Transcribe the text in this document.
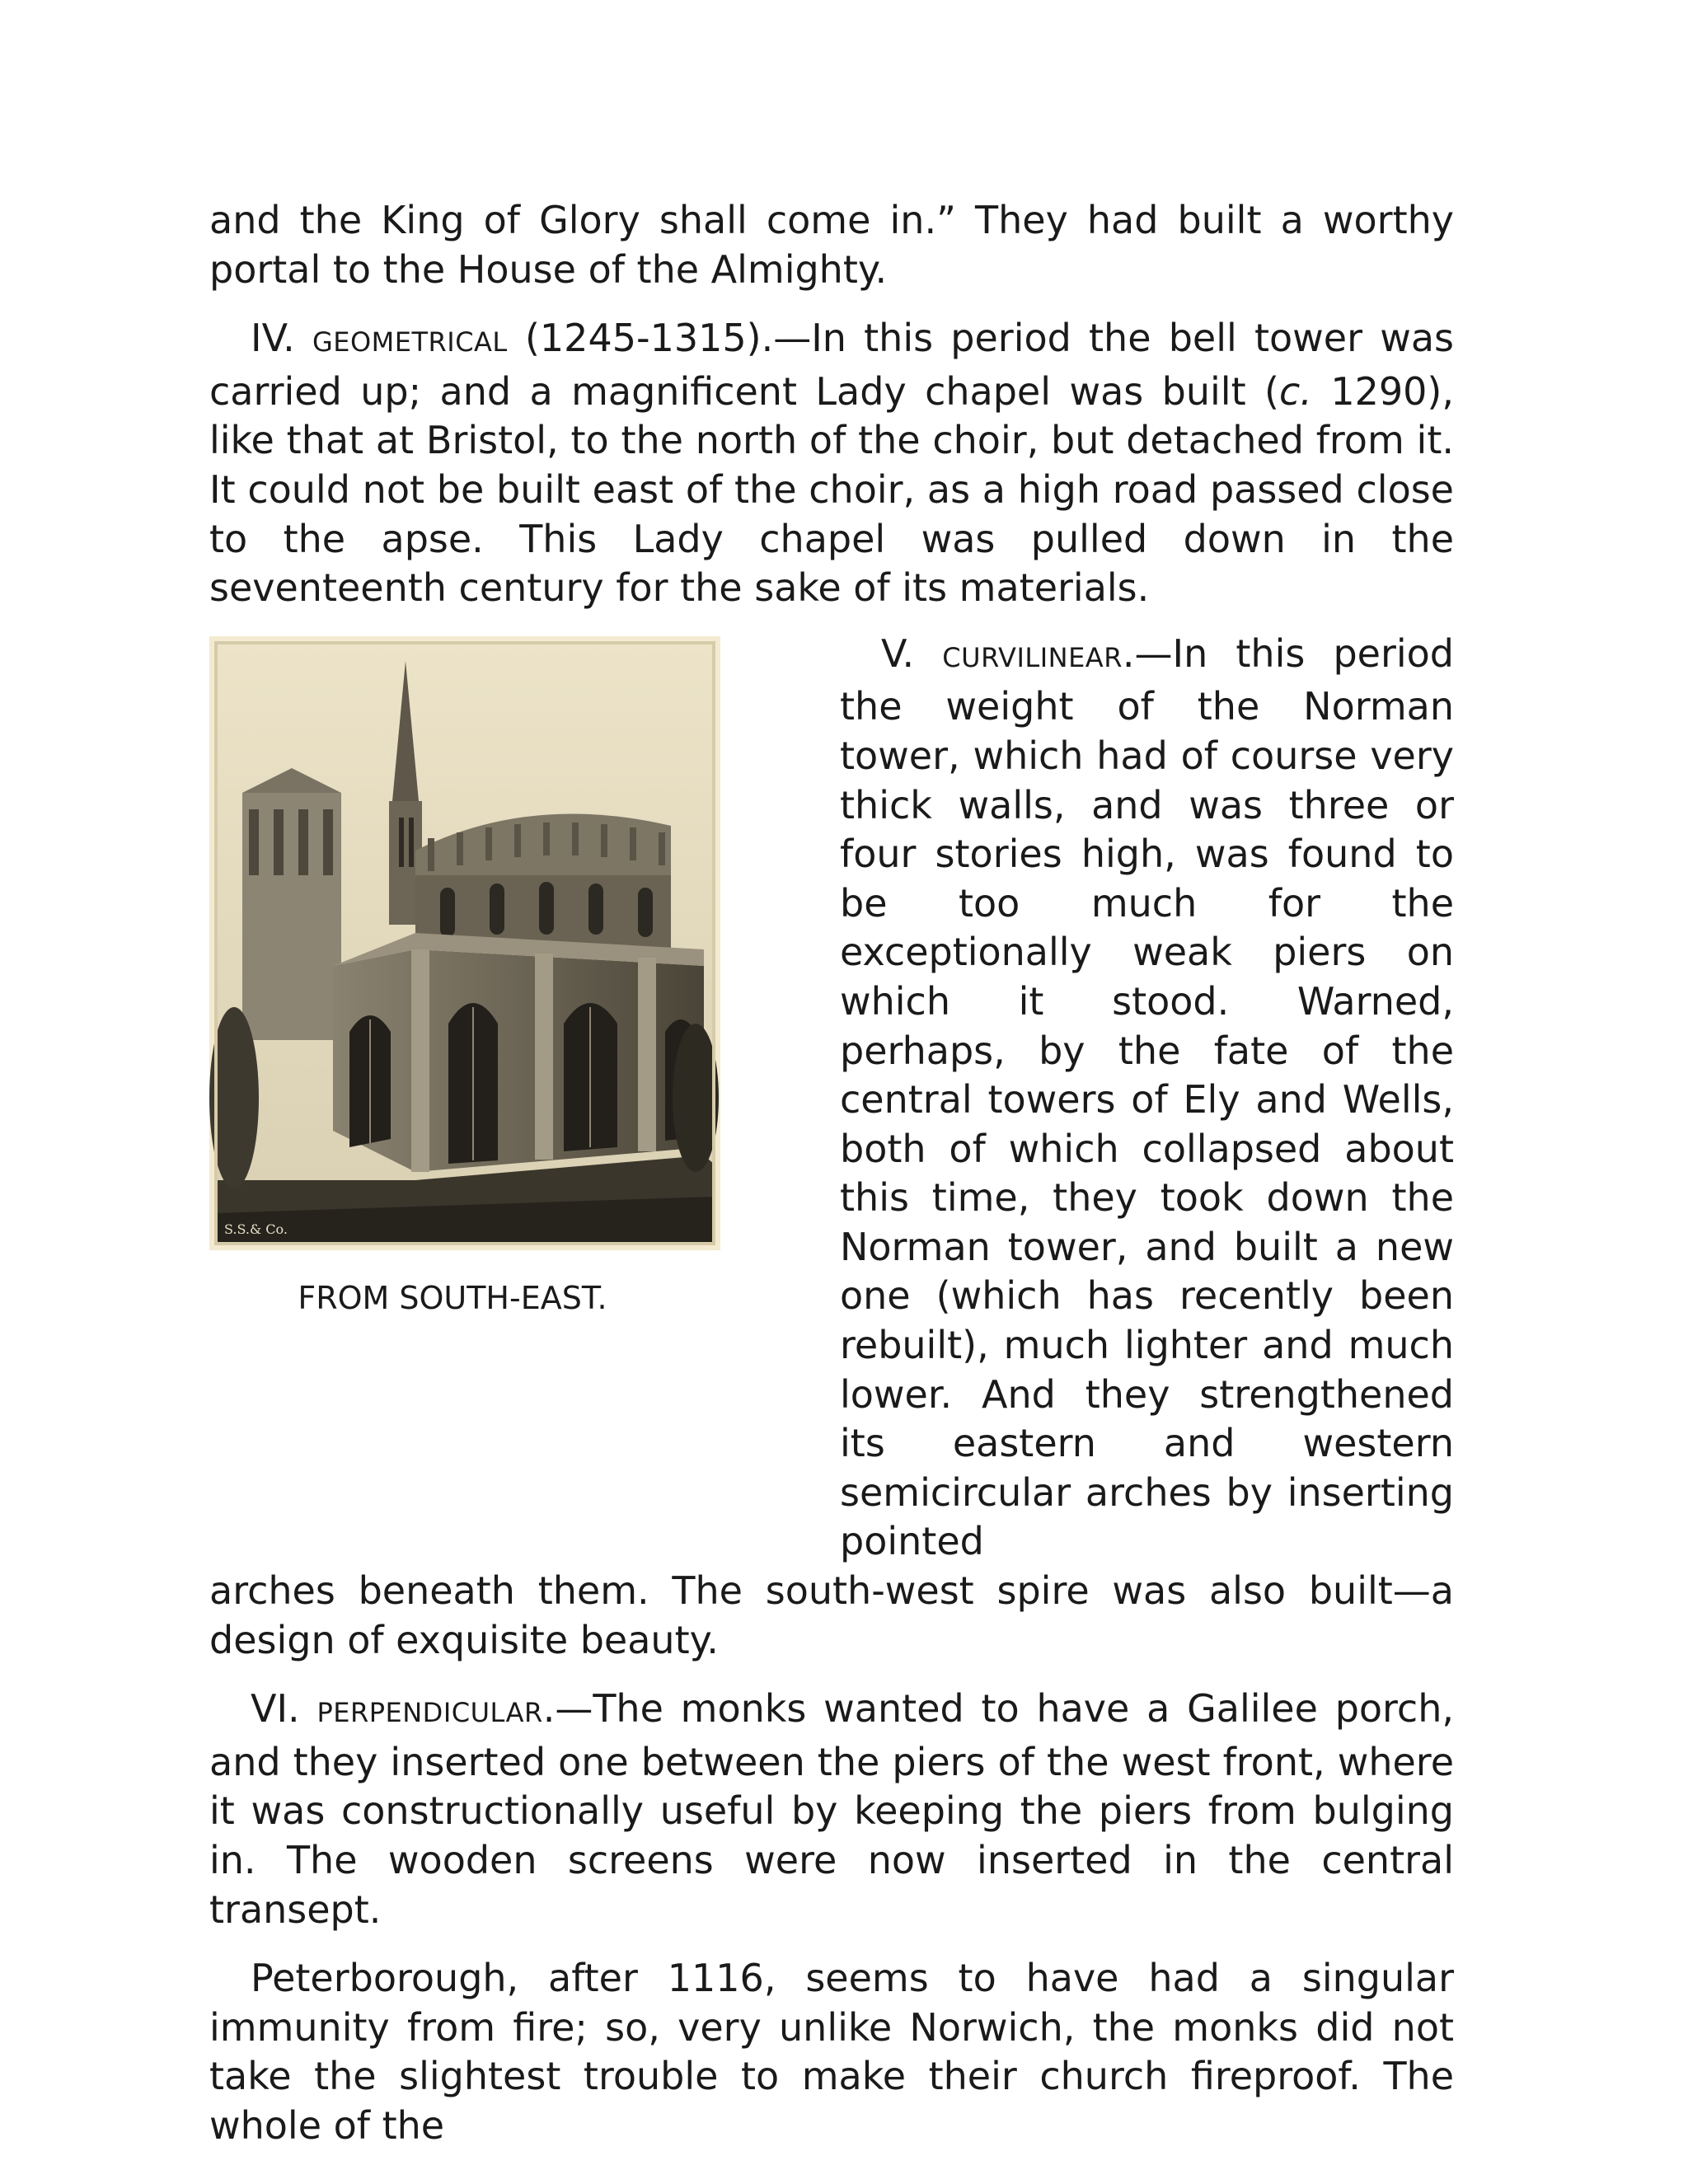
and the King of Glory shall come in.” They had built a worthy portal to the House of the Almighty.

IV. GEOMETRICAL (1245-1315).—In this period the bell tower was carried up; and a magnificent Lady chapel was built (c. 1290), like that at Bristol, to the north of the choir, but detached from it. It could not be built east of the choir, as a high road passed close to the apse. This Lady chapel was pulled down in the seventeenth century for the sake of its materials.

S.S.& Co.
FROM SOUTH-EAST.

V. CURVILINEAR.—In this period the weight of the Norman tower, which had of course very thick walls, and was three or four stories high, was found to be too much for the exceptionally weak piers on which it stood. Warned, perhaps, by the fate of the central towers of Ely and Wells, both of which collapsed about this time, they took down the Norman tower, and built a new one (which has recently been rebuilt), much lighter and much lower. And they strengthened its eastern and western semicircular arches by inserting pointed

arches beneath them. The south-west spire was also built—a design of exquisite beauty.

VI. PERPENDICULAR.—The monks wanted to have a Galilee porch, and they inserted one between the piers of the west front, where it was constructionally useful by keeping the piers from bulging in. The wooden screens were now inserted in the central transept.

Peterborough, after 1116, seems to have had a singular immunity from fire; so, very unlike Norwich, the monks did not take the slightest trouble to make their church fireproof. The whole of the
